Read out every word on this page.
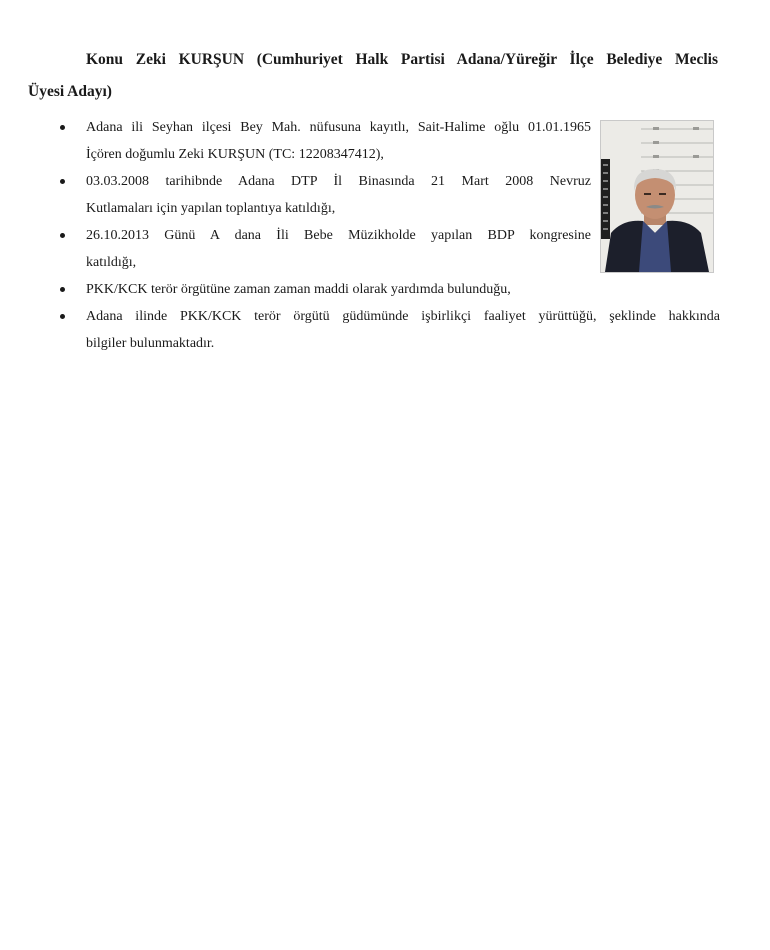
Konu Zeki KURŞUN (Cumhuriyet Halk Partisi Adana/Yüreğir İlçe Belediye Meclis
Üyesi Adayı)
Adana ili Seyhan ilçesi Bey Mah. nüfusuna kayıtlı, Sait-Halime oğlu 01.01.1965
İçören doğumlu Zeki KURŞUN (TC: 12208347412),
03.03.2008 tarihibnde Adana DTP İl Binasında 21 Mart 2008 Nevruz
Kutlamaları için yapılan toplantıya katıldığı,
26.10.2013 Günü A dana İli Bebe Müzikholde yapılan BDP kongresine
katıldığı,
PKK/KCK terör örgütüne zaman zaman maddi olarak yardımda bulunduğu,
Adana ilinde PKK/KCK terör örgütü güdümünde işbirlikçi faaliyet yürüttüğü, şeklinde hakkında
bilgiler bulunmaktadır.
